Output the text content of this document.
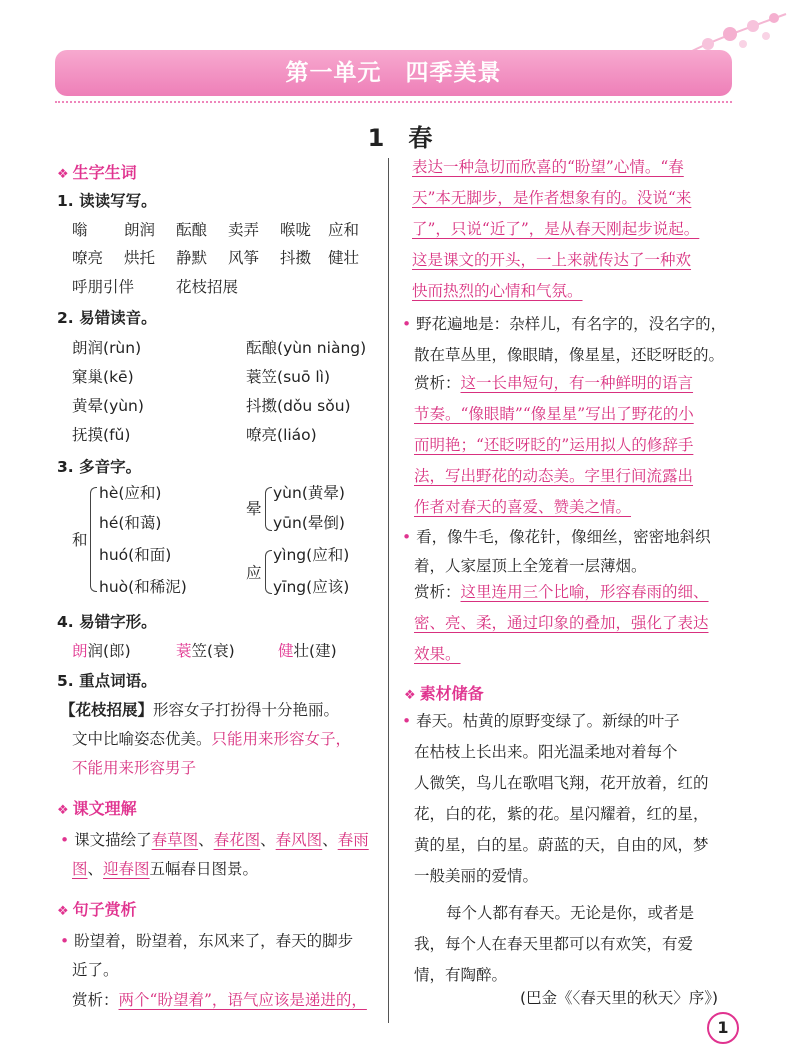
第一单元　四季美景
1　春
❖ 生字生词
1. 读读写写。
嗡 朗润 酝酿 卖弄 喉咙 应和
嘹亮 烘托 静默 风筝 抖擞 健壮
呼朋引伴	花枝招展
2. 易错读音。
朗润(rùn)	酝酿(yùn niàng)
窠巢(kē)	蓑笠(suō lì)
黄晕(yùn)	抖擞(dǒu sǒu)
抚摸(fǔ)	嘹亮(liáo)
3. 多音字。
和
hè(应和)
hé(和蔼)
huó(和面)
huò(和稀泥)
晕
yùn(黄晕)
yūn(晕倒)
应
yìng(应和)
yīng(应该)
4. 易错字形。
朗润(郎)	蓑笠(衰)	健壮(建)
5. 重点词语。
【花枝招展】形容女子打扮得十分艳丽。
文中比喻姿态优美。只能用来形容女子，
不能用来形容男子
❖ 课文理解
• 课文描绘了春草图、春花图、春风图、春雨
图、迎春图五幅春日图景。
❖ 句子赏析
• 盼望着，盼望着，东风来了，春天的脚步
近了。
赏析：两个“盼望着”，语气应该是递进的，
表达一种急切而欣喜的“盼望”心情。“春
天”本无脚步，是作者想象有的。没说“来
了”，只说“近了”，是从春天刚起步说起。
这是课文的开头，一上来就传达了一种欢
快而热烈的心情和气氛。
• 野花遍地是：杂样儿，有名字的，没名字的，
散在草丛里，像眼睛，像星星，还眨呀眨的。
赏析：这一长串短句，有一种鲜明的语言
节奏。“像眼睛”“像星星”写出了野花的小
而明艳；“还眨呀眨的”运用拟人的修辞手
法，写出野花的动态美。字里行间流露出
作者对春天的喜爱、赞美之情。
• 看，像牛毛，像花针，像细丝，密密地斜织
着，人家屋顶上全笼着一层薄烟。
赏析：这里连用三个比喻，形容春雨的细、
密、亮、柔，通过印象的叠加，强化了表达
效果。
❖ 素材储备
• 春天。枯黄的原野变绿了。新绿的叶子
在枯枝上长出来。阳光温柔地对着每个
人微笑，鸟儿在歌唱飞翔，花开放着，红的
花，白的花，紫的花。星闪耀着，红的星，
黄的星，白的星。蔚蓝的天，自由的风，梦
一般美丽的爱情。
每个人都有春天。无论是你，或者是
我，每个人在春天里都可以有欢笑，有爱
情，有陶醉。
(巴金《〈春天里的秋天〉序》)
1
